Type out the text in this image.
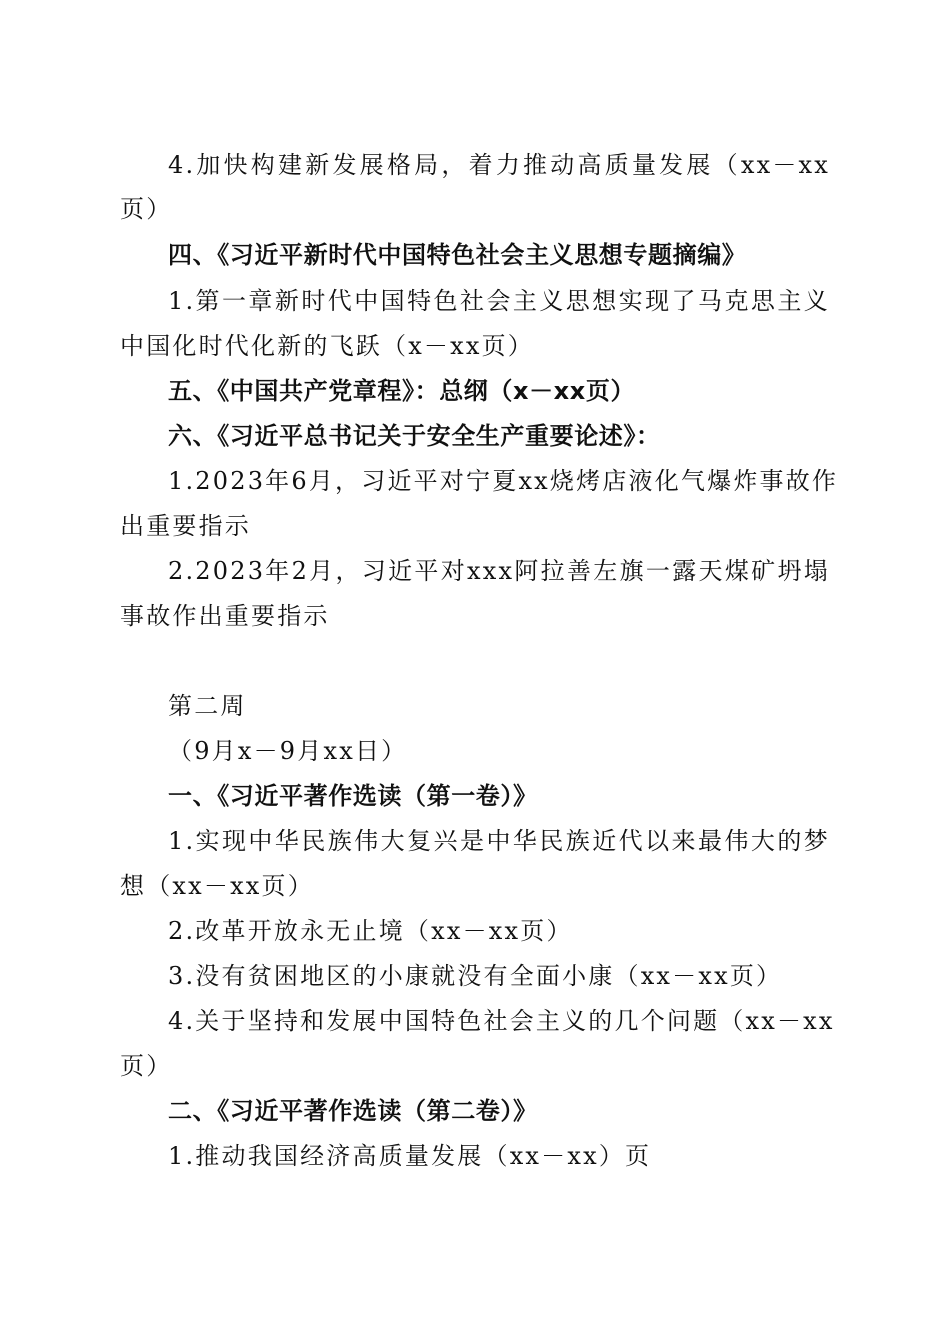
4.加快构建新发展格局，着力推动高质量发展（xx－xx
页）
四、《习近平新时代中国特色社会主义思想专题摘编》
1.第一章新时代中国特色社会主义思想实现了马克思主义
中国化时代化新的飞跃（x－xx页）
五、《中国共产党章程》：总纲（x－xx页）
六、《习近平总书记关于安全生产重要论述》：
1.2023年6月，习近平对宁夏xx烧烤店液化气爆炸事故作
出重要指示
2.2023年2月，习近平对xxx阿拉善左旗一露天煤矿坍塌
事故作出重要指示
第二周
（9月x－9月xx日）
一、《习近平著作选读（第一卷）》
1.实现中华民族伟大复兴是中华民族近代以来最伟大的梦
想（xx－xx页）
2.改革开放永无止境（xx－xx页）
3.没有贫困地区的小康就没有全面小康（xx－xx页）
4.关于坚持和发展中国特色社会主义的几个问题（xx－xx
页）
二、《习近平著作选读（第二卷）》
1.推动我国经济高质量发展（xx－xx）页
